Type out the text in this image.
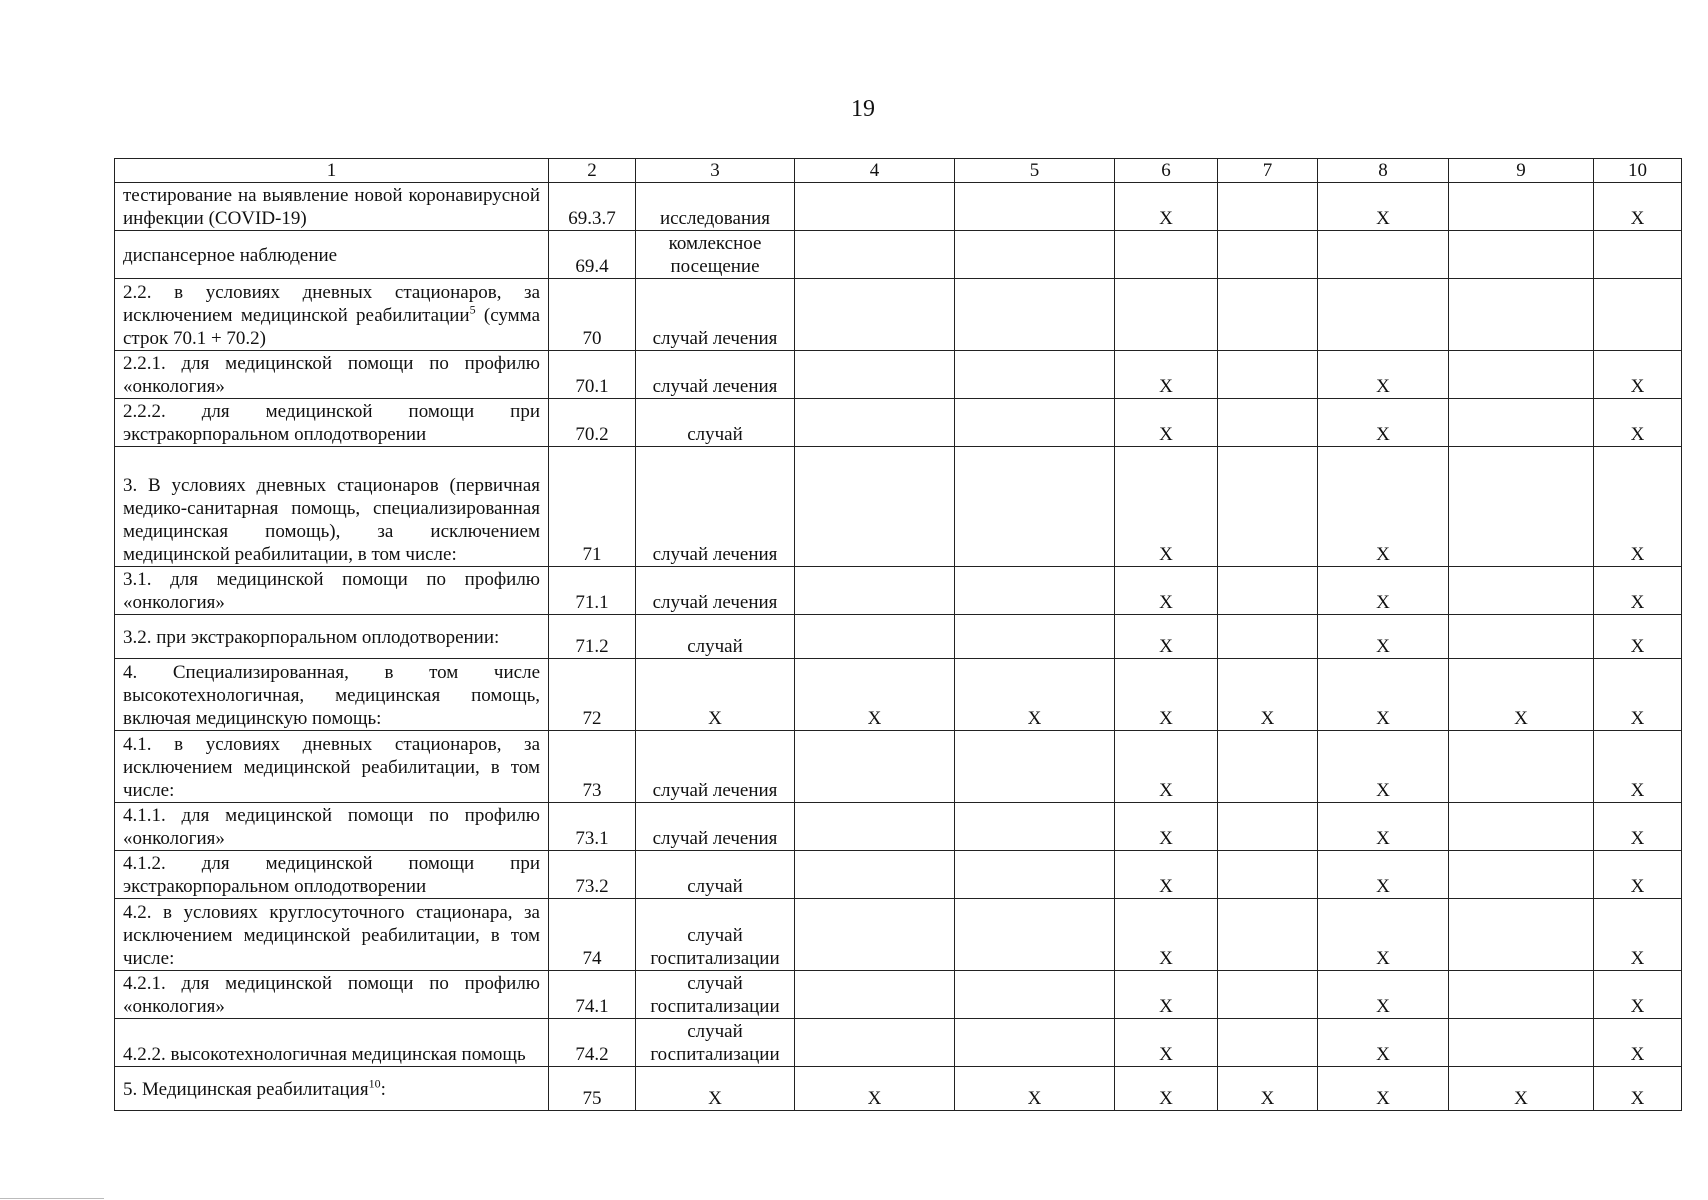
19
1	2	3	4	5	6	7	8	9	10
тестирование на выявление новой коронавирусной инфекции (COVID-19)	69.3.7	исследования			X		X		X
диспансерное наблюдение	69.4	комлексное посещение							
2.2. в условиях дневных стационаров, за исключением медицинской реабилитации$^5$ (сумма строк 70.1 + 70.2)	70	случай лечения							
2.2.1. для медицинской помощи по профилю «онкология»	70.1	случай лечения			X		X		X
2.2.2. для медицинской помощи при экстракорпоральном оплодотворении	70.2	случай			X		X		X
3. В условиях дневных стационаров (первичная медико-санитарная помощь, специализированная медицинская помощь), за исключением медицинской реабилитации, в том числе:	71	случай лечения			X		X		X
3.1. для медицинской помощи по профилю «онкология»	71.1	случай лечения			X		X		X
3.2. при экстракорпоральном оплодотворении:	71.2	случай			X		X		X
4. Специализированная, в том числе высокотехнологичная, медицинская помощь, включая медицинскую помощь:	72	X	X	X	X	X	X	X	X
4.1. в условиях дневных стационаров, за исключением медицинской реабилитации, в том числе:	73	случай лечения			X		X		X
4.1.1. для медицинской помощи по профилю «онкология»	73.1	случай лечения			X		X		X
4.1.2. для медицинской помощи при экстракорпоральном оплодотворении	73.2	случай			X		X		X
4.2. в условиях круглосуточного стационара, за исключением медицинской реабилитации, в том числе:	74	случай госпитализации			X		X		X
4.2.1. для медицинской помощи по профилю «онкология»	74.1	случай госпитализации			X		X		X
4.2.2. высокотехнологичная медицинская помощь	74.2	случай госпитализации			X		X		X
5. Медицинская реабилитация$^{10}$:	75	X	X	X	X	X	X	X	X
